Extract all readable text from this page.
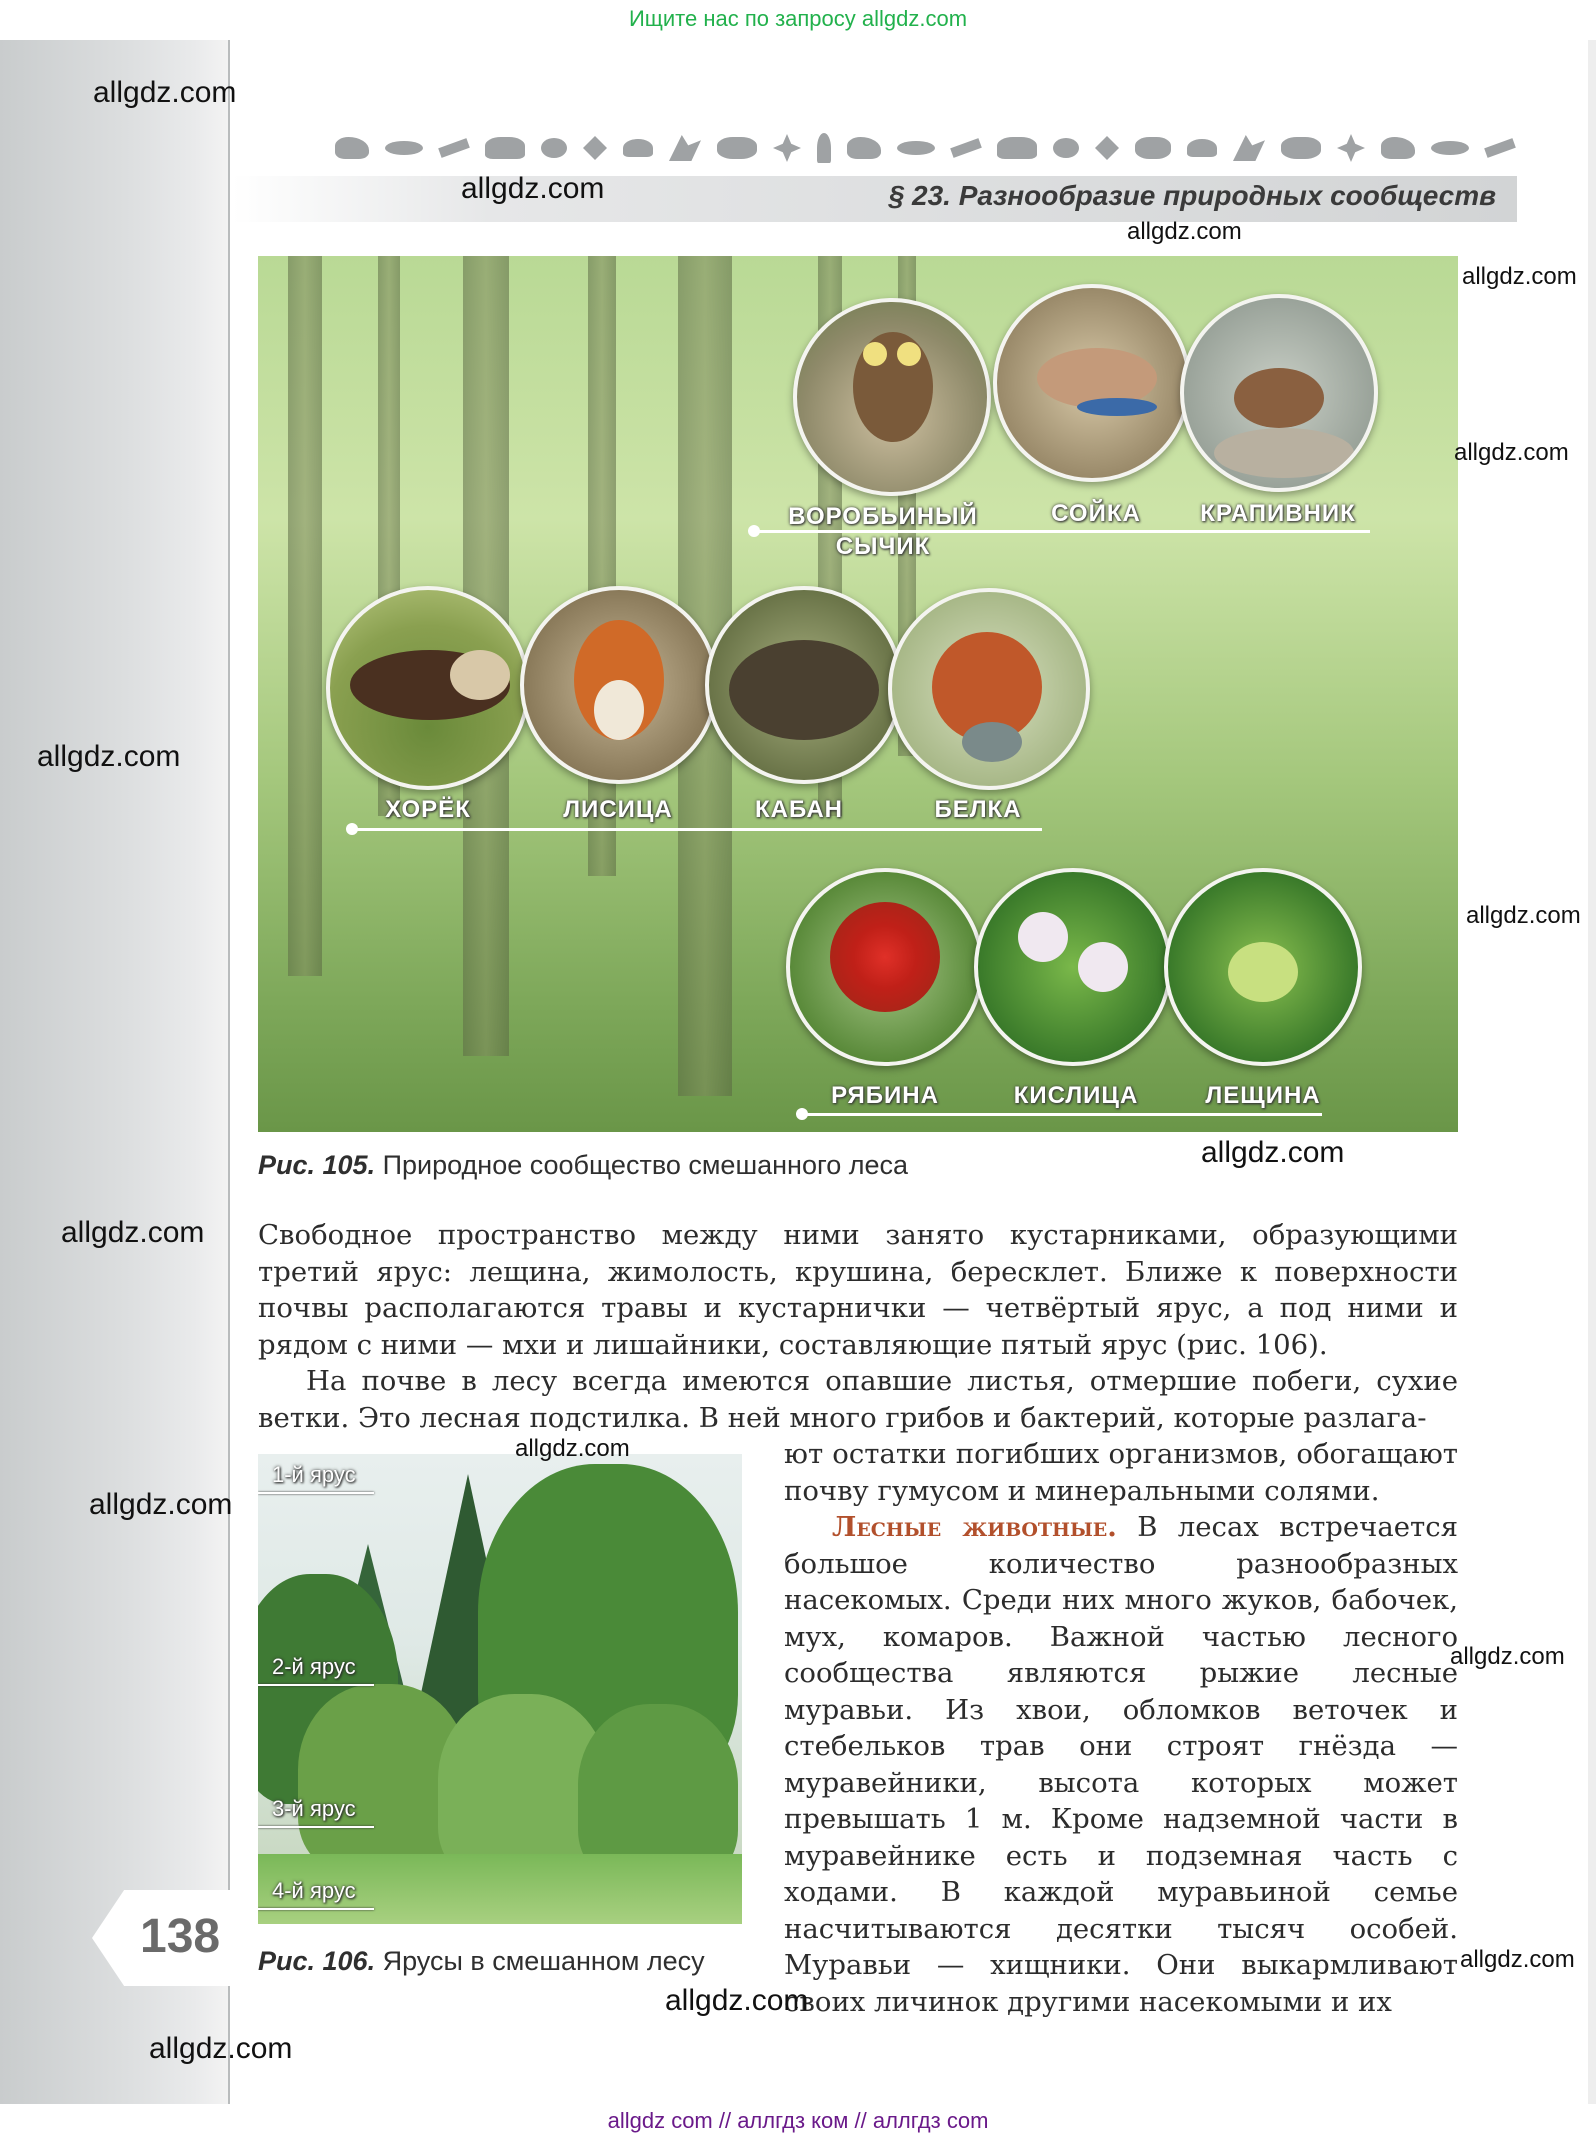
Ищите нас по запросу allgdz.com
§ 23. Разнообразие природных сообществ
ВОРОБЬИНЫЙ СЫЧИК
СОЙКА	КРАПИВНИК
ХОРЁК	ЛИСИЦА	КАБАН	БЕЛКА
РЯБИНА	КИСЛИЦА	ЛЕЩИНА
Рис. 105. Природное сообщество смешанного леса

Свободное пространство между ними занято кустарниками, образующими третий ярус: лещина, жимолость, крушина, бересклет. Ближе к поверхности почвы располагаются травы и кустарнички — четвёртый ярус, а под ними и рядом с ними — мхи и лишайники, составляющие пятый ярус (рис. 106).

На почве в лесу всегда имеются опавшие листья, отмершие побеги, сухие ветки. Это лесная подстилка. В ней много грибов и бактерий, которые разлага-

1-й ярус
2-й ярус
3-й ярус
4-й ярус
Рис. 106. Ярусы в смешанном лесу

ют остатки погибших организмов, обогащают почву гумусом и минеральными солями.

Лесные животные. В лесах встречается большое количество разнообразных насекомых. Среди них много жуков, бабочек, мух, комаров. Важной частью лесного сообщества являются рыжие лесные муравьи. Из хвои, обломков веточек и стебельков трав они строят гнёзда — муравейники, высота которых может превышать 1 м. Кроме надземной части в муравейнике есть и подземная часть с ходами. В каждой муравьиной семье насчитываются десятки тысяч особей. Муравьи — хищники. Они выкармливают своих личинок другими насекомыми и их

138
allgdz.com
allgdz.com
allgdz.com
allgdz.com
allgdz.com
allgdz.com
allgdz.com
allgdz.com
allgdz.com
allgdz.com
allgdz.com
allgdz.com
allgdz.com
allgdz.com
allgdz.com
allgdz com // аллгдз ком // аллгдз com
